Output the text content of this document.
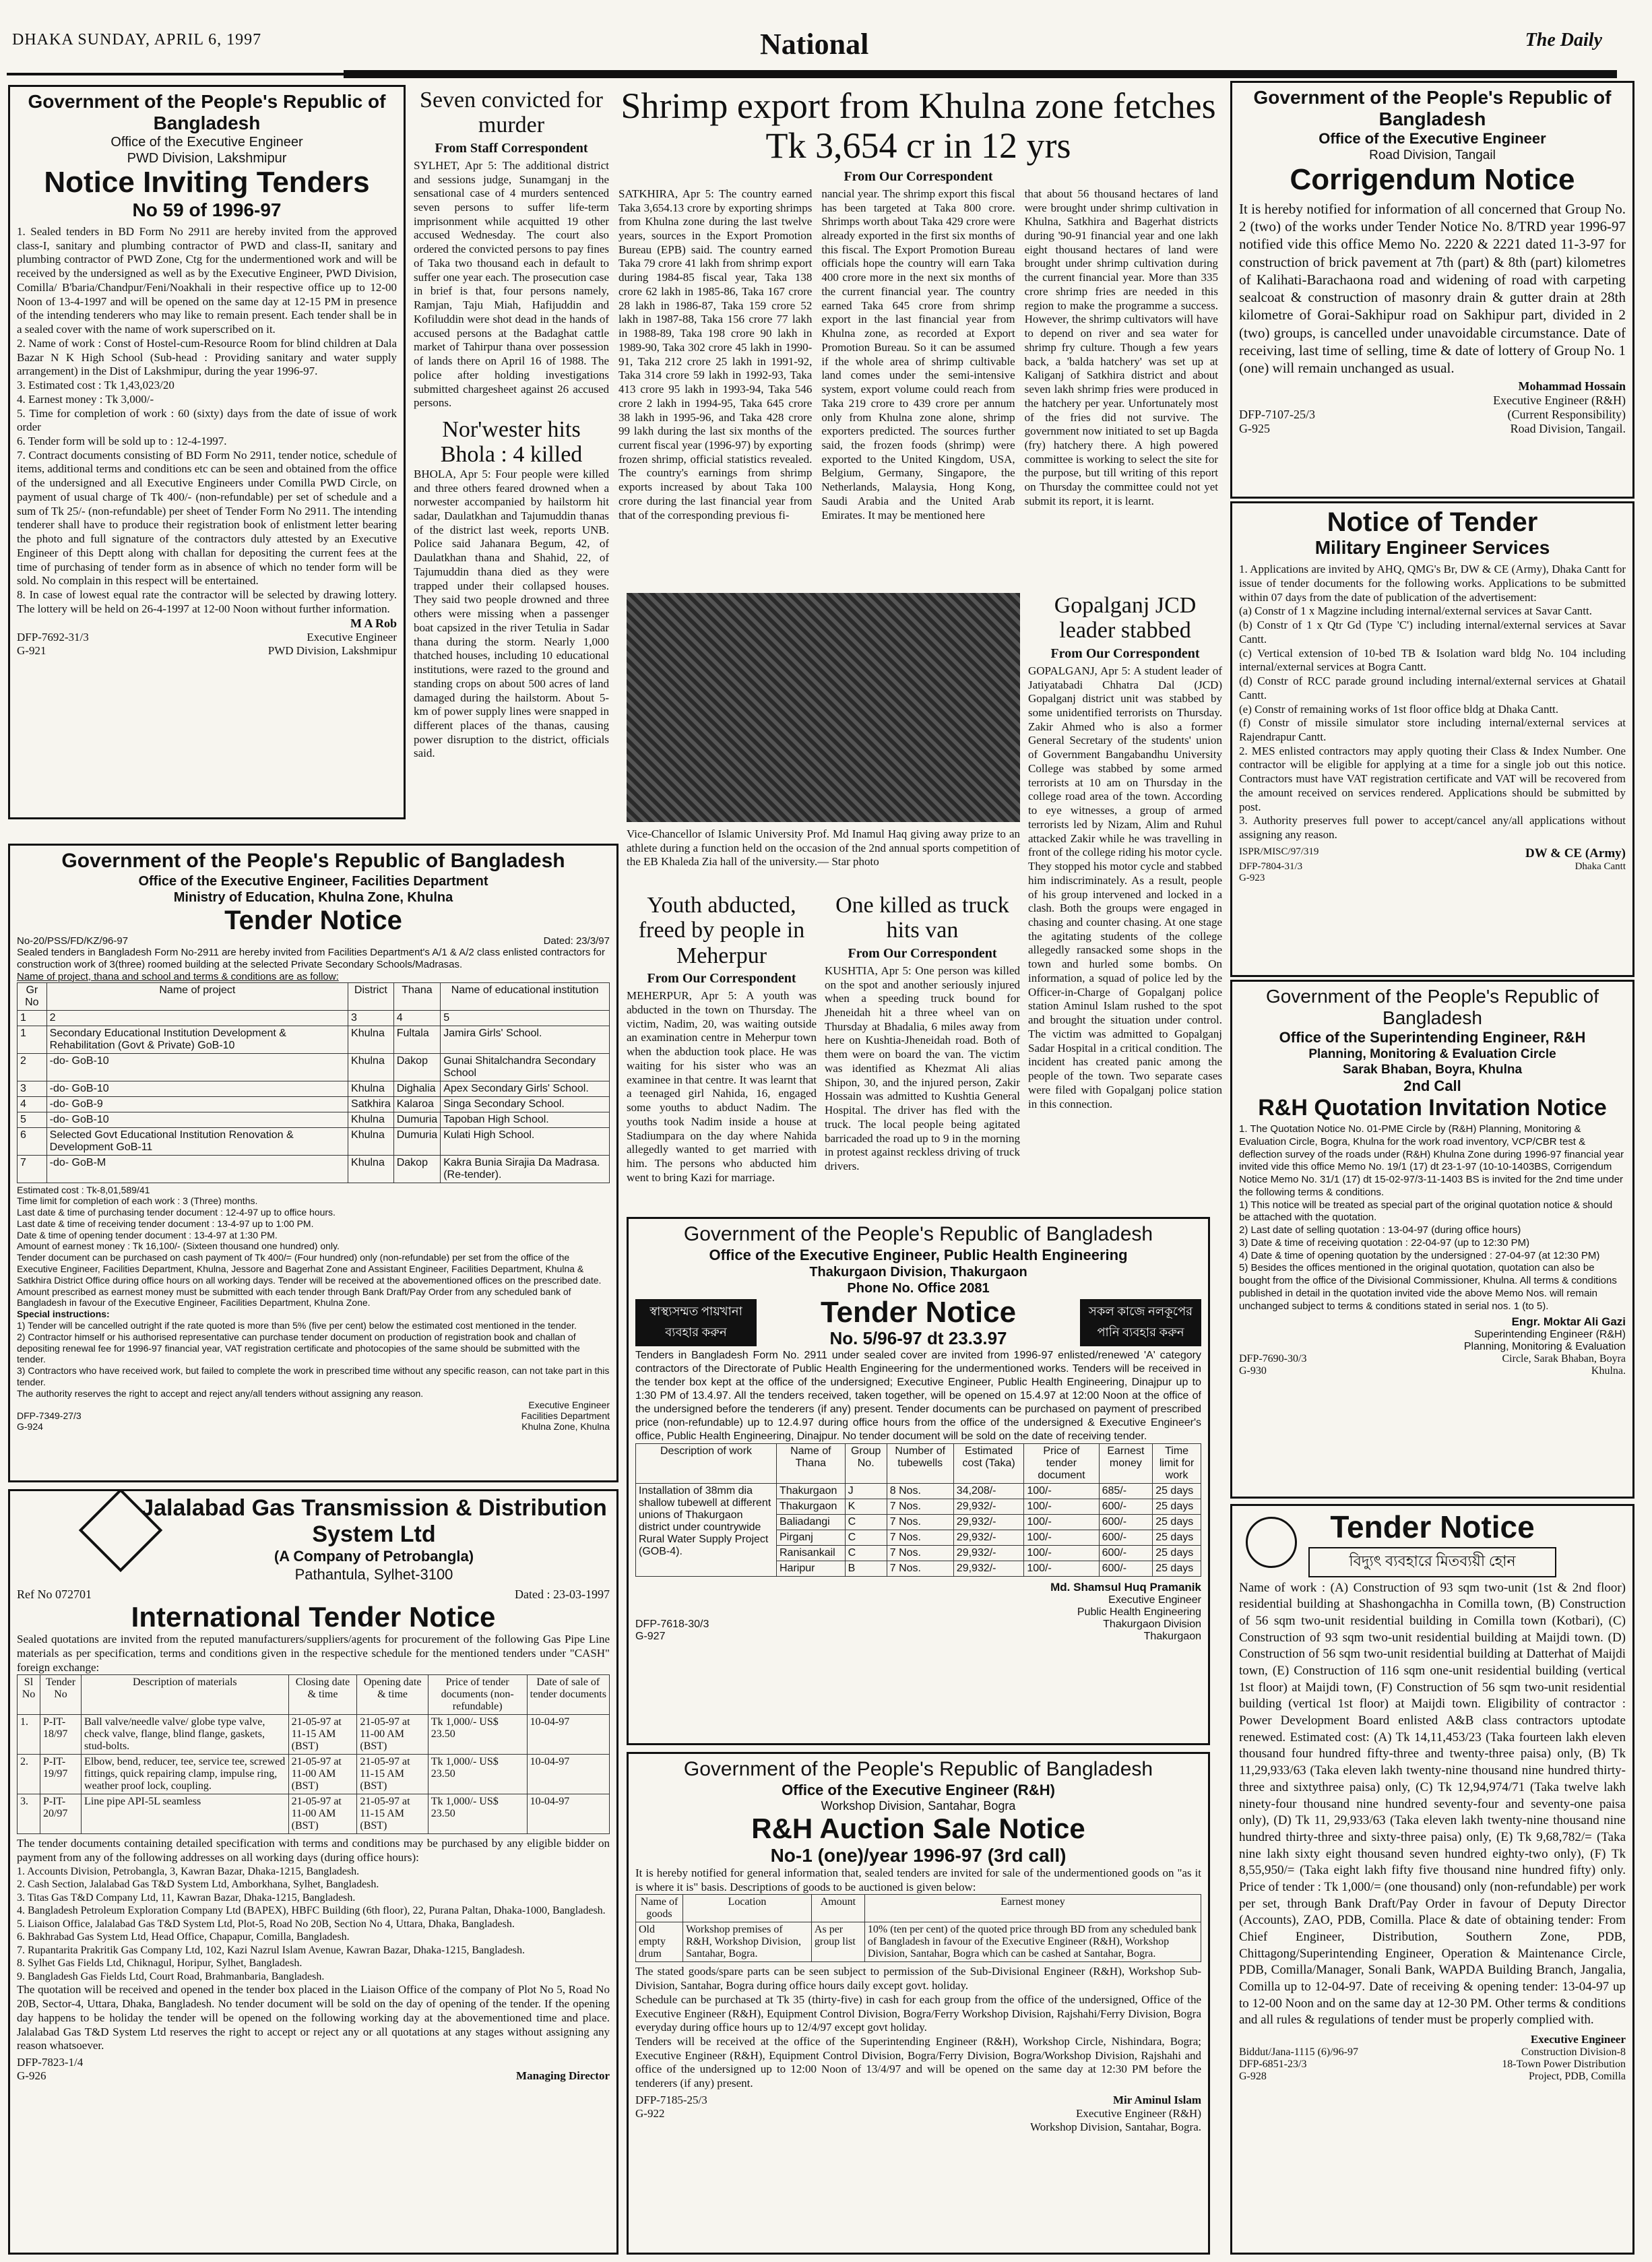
DHAKA SUNDAY, APRIL 6, 1997	National	The Daily
Government of the People's Republic of Bangladesh
Office of the Executive Engineer
PWD Division, Lakshmipur
Notice Inviting Tenders
No 59 of 1996-97
1. Sealed tenders in BD Form No 2911 are hereby invited from the approved class-I, sanitary and plumbing contractor of PWD and class-II, sanitary and plumbing contractor of PWD Zone, Ctg for the undermentioned work and will be received by the undersigned as well as by the Executive Engineer, PWD Division, Comilla/ B'baria/Chandpur/Feni/Noakhali in their respective office up to 12-00 Noon of 13-4-1997 and will be opened on the same day at 12-15 PM in presence of the intending tenderers who may like to remain present. Each tender shall be in a sealed cover with the name of work superscribed on it.
2. Name of work : Const of Hostel-cum-Resource Room for blind children at Dala Bazar N K High School (Sub-head : Providing sanitary and water supply arrangement) in the Dist of Lakshmipur, during the year 1996-97.
3. Estimated cost : Tk 1,43,023/20
4. Earnest money : Tk 3,000/-
5. Time for completion of work : 60 (sixty) days from the date of issue of work order
6. Tender form will be sold up to : 12-4-1997.
7. Contract documents consisting of BD Form No 2911, tender notice, schedule of items, additional terms and conditions etc can be seen and obtained from the office of the undersigned and all Executive Engineers under Comilla PWD Circle, on payment of usual charge of Tk 400/- (non-refundable) per set of schedule and a sum of Tk 25/- (non-refundable) per sheet of Tender Form No 2911. The intending tenderer shall have to produce their registration book of enlistment letter bearing the photo and full signature of the contractors duly attested by an Executive Engineer of this Deptt along with challan for depositing the current fees at the time of purchasing of tender form as in absence of which no tender form will be sold. No complain in this respect will be entertained.
8. In case of lowest equal rate the contractor will be selected by drawing lottery. The lottery will be held on 26-4-1997 at 12-00 Noon without further information.
M A Rob
DFP-7692-31/3	Executive Engineer
G-921	PWD Division, Lakshmipur
Seven convicted for murder
From Staff Correspondent
SYLHET, Apr 5: The additional district and sessions judge, Sunamganj in the sensational case of 4 murders sentenced seven persons to suffer life-term imprisonment while acquitted 19 other accused Wednesday. The court also ordered the convicted persons to pay fines of Taka two thousand each in default to suffer one year each. The prosecution case in brief is that, four persons namely, Ramjan, Taju Miah, Hafijuddin and Kofiluddin were shot dead in the hands of accused persons at the Badaghat cattle market of Tahirpur thana over possession of lands there on April 16 of 1988. The police after holding investigations submitted chargesheet against 26 accused persons.
Nor'wester hits Bhola : 4 killed
BHOLA, Apr 5: Four people were killed and three others feared drowned when a norwester accompanied by hailstorm hit sadar, Daulatkhan and Tajumuddin thanas of the district last week, reports UNB. Police said Jahanara Begum, 42, of Daulatkhan thana and Shahid, 22, of Tajumuddin thana died as they were trapped under their collapsed houses. They said two people drowned and three others were missing when a passenger boat capsized in the river Tetulia in Sadar thana during the storm. Nearly 1,000 thatched houses, including 10 educational institutions, were razed to the ground and standing crops on about 500 acres of land damaged during the hailstorm. About 5-km of power supply lines were snapped in different places of the thanas, causing power disruption to the district, officials said.
Shrimp export from Khulna zone fetches Tk 3,654 cr in 12 yrs
From Our Correspondent
SATKHIRA, Apr 5: The country earned Taka 3,654.13 crore by exporting shrimps from Khulna zone during the last twelve years, sources in the Export Promotion Bureau (EPB) said. The country earned Taka 79 crore 41 lakh from shrimp export during 1984-85 fiscal year, Taka 138 crore 62 lakh in 1985-86, Taka 167 crore 28 lakh in 1986-87, Taka 159 crore 52 lakh in 1987-88, Taka 156 crore 77 lakh in 1988-89, Taka 198 crore 90 lakh in 1989-90, Taka 302 crore 45 lakh in 1990-91, Taka 212 crore 25 lakh in 1991-92, Taka 314 crore 59 lakh in 1992-93, Taka 413 crore 95 lakh in 1993-94, Taka 546 crore 2 lakh in 1994-95, Taka 645 crore 38 lakh in 1995-96, and Taka 428 crore 99 lakh during the last six months of the current fiscal year (1996-97) by exporting frozen shrimp, official statistics revealed. The country's earnings from shrimp exports increased by about Taka 100 crore during the last financial year from that of the corresponding previous fi-
nancial year. The shrimp export this fiscal has been targeted at Taka 800 crore. Shrimps worth about Taka 429 crore were already exported in the first six months of this fiscal. The Export Promotion Bureau officials hope the country will earn Taka 400 crore more in the next six months of the current financial year. The country earned Taka 645 crore from shrimp export in the last financial year from Khulna zone, as recorded at Export Promotion Bureau. So it can be assumed if the whole area of shrimp cultivable land comes under the semi-intensive system, export volume could reach from Taka 219 crore to 439 crore per annum only from Khulna zone alone, shrimp exporters predicted. The sources further said, the frozen foods (shrimp) were exported to the United Kingdom, USA, Belgium, Germany, Singapore, the Netherlands, Malaysia, Hong Kong, Saudi Arabia and the United Arab Emirates. It may be mentioned here
that about 56 thousand hectares of land were brought under shrimp cultivation in Khulna, Satkhira and Bagerhat districts during '90-91 financial year and one lakh eight thousand hectares of land were brought under shrimp cultivation during the current financial year. More than 335 crore shrimp fries are needed in this region to make the programme a success. However, the shrimp cultivators will have to depend on river and sea water for shrimp fry culture. Though a few years back, a 'balda hatchery' was set up at Kaliganj of Satkhira district and about seven lakh shrimp fries were produced in the hatchery per year. Unfortunately most of the fries did not survive. The government now initiated to set up Bagda (fry) hatchery there. A high powered committee is working to select the site for the purpose, but till writing of this report on Thursday the committee could not yet submit its report, it is learnt.
Vice-Chancellor of Islamic University Prof. Md Inamul Haq giving away prize to an athlete during a function held on the occasion of the 2nd annual sports competition of the EB Khaleda Zia hall of the university.— Star photo
Gopalganj JCD leader stabbed
From Our Correspondent
GOPALGANJ, Apr 5: A student leader of Jatiyatabadi Chhatra Dal (JCD) Gopalganj district unit was stabbed by some unidentified terrorists on Thursday. Zakir Ahmed who is also a former General Secretary of the students' union of Government Bangabandhu University College was stabbed by some armed terrorists at 10 am on Thursday in the college road area of the town. According to eye witnesses, a group of armed terrorists led by Nizam, Alim and Ruhul attacked Zakir while he was travelling in front of the college riding his motor cycle. They stopped his motor cycle and stabbed him indiscriminately. As a result, people of his group intervened and locked in a clash. Both the groups were engaged in chasing and counter chasing. At one stage the agitating students of the college allegedly ransacked some shops in the town and hurled some bombs. On information, a squad of police led by the Officer-in-Charge of Gopalganj police station Aminul Islam rushed to the spot and brought the situation under control. The victim was admitted to Gopalganj Sadar Hospital in a critical condition. The incident has created panic among the people of the town. Two separate cases were filed with Gopalganj police station in this connection.
Youth abducted, freed by people in Meherpur
From Our Correspondent
MEHERPUR, Apr 5: A youth was abducted in the town on Thursday. The victim, Nadim, 20, was waiting outside an examination centre in Meherpur town when the abduction took place. He was waiting for his sister who was an examinee in that centre. It was learnt that a teenaged girl Nahida, 16, engaged some youths to abduct Nadim. The youths took Nadim inside a house at Stadiumpara on the day where Nahida allegedly wanted to get married with him. The persons who abducted him went to bring Kazi for marriage.
One killed as truck hits van
From Our Correspondent
KUSHTIA, Apr 5: One person was killed on the spot and another seriously injured when a speeding truck bound for Jheneidah hit a three wheel van on Thursday at Bhadalia, 6 miles away from here on Kushtia-Jheneidah road. Both of them were on board the van. The victim was identified as Khezmat Ali alias Shipon, 30, and the injured person, Zakir Hossain was admitted to Kushtia General Hospital. The driver has fled with the truck. The local people being agitated barricaded the road up to 9 in the morning in protest against reckless driving of truck drivers.
Government of the People's Republic of Bangladesh
Office of the Executive Engineer
Road Division, Tangail
Corrigendum Notice
It is hereby notified for information of all concerned that Group No. 2 (two) of the works under Tender Notice No. 8/TRD year 1996-97 notified vide this office Memo No. 2220 & 2221 dated 11-3-97 for construction of brick pavement at 7th (part) & 8th (part) kilometres of Kalihati-Barachaona road and widening of road with carpeting sealcoat & construction of masonry drain & gutter drain at 28th kilometre of Gorai-Sakhipur road on Sakhipur part, divided in 2 (two) groups, is cancelled under unavoidable circumstance. Date of receiving, last time of selling, time & date of lottery of Group No. 1 (one) will remain unchanged as usual.
Mohammad Hossain
Executive Engineer (R&H)
DFP-7107-25/3	(Current Responsibility)
G-925	Road Division, Tangail.
Notice of Tender
Military Engineer Services
1. Applications are invited by AHQ, QMG's Br, DW & CE (Army), Dhaka Cantt for issue of tender documents for the following works. Applications to be submitted within 07 days from the date of publication of the advertisement:
(a) Constr of 1 x Magzine including internal/external services at Savar Cantt.
(b) Constr of 1 x Qtr Gd (Type 'C') including internal/external services at Savar Cantt.
(c) Vertical extension of 10-bed TB & Isolation ward bldg No. 104 including internal/external services at Bogra Cantt.
(d) Constr of RCC parade ground including internal/external services at Ghatail Cantt.
(e) Constr of remaining works of 1st floor office bldg at Dhaka Cantt.
(f) Constr of missile simulator store including internal/external services at Rajendrapur Cantt.
2. MES enlisted contractors may apply quoting their Class & Index Number. One contractor will be eligible for applying at a time for a single job out this notice. Contractors must have VAT registration certificate and VAT will be recovered from the amount received on services rendered. Applications should be submitted by post.
3. Authority preserves full power to accept/cancel any/all applications without assigning any reason.
ISPR/MISC/97/319	DW & CE (Army)
DFP-7804-31/3	Dhaka Cantt
G-923
Government of the People's Republic of Bangladesh
Office of the Superintending Engineer, R&H
Planning, Monitoring & Evaluation Circle
Sarak Bhaban, Boyra, Khulna
2nd Call
R&H Quotation Invitation Notice
1. The Quotation Notice No. 01-PME Circle by (R&H) Planning, Monitoring & Evaluation Circle, Bogra, Khulna for the work road inventory, VCP/CBR test & deflection survey of the roads under (R&H) Khulna Zone during 1996-97 financial year invited vide this office Memo No. 19/1 (17) dt 23-1-97 (10-10-1403BS, Corrigendum Notice Memo No. 31/1 (17) dt 15-02-97/3-11-1403 BS is invited for the 2nd time under the following terms & conditions.
1) This notice will be treated as special part of the original quotation notice & should be attached with the quotation.
2) Last date of selling quotation : 13-04-97 (during office hours)
3) Date & time of receiving quotation : 22-04-97 (up to 12:30 PM)
4) Date & time of opening quotation by the undersigned : 27-04-97 (at 12:30 PM)
5) Besides the offices mentioned in the original quotation, quotation can also be bought from the office of the Divisional Commissioner, Khulna. All terms & conditions published in detail in the quotation invited vide the above Memo Nos. will remain unchanged subject to terms & conditions stated in serial nos. 1 (to 5).
Engr. Moktar Ali Gazi
Superintending Engineer (R&H)
Planning, Monitoring & Evaluation
DFP-7690-30/3	Circle, Sarak Bhaban, Boyra
G-930	Khulna.
Government of the People's Republic of Bangladesh
Office of the Executive Engineer, Facilities Department
Ministry of Education, Khulna Zone, Khulna
Tender Notice
No-20/PSS/FD/KZ/96-97	Dated: 23/3/97
Sealed tenders in Bangladesh Form No-2911 are hereby invited from Facilities Department's A/1 & A/2 class enlisted contractors for construction work of 3(three) roomed building at the selected Private Secondary Schools/Madrasas.
Name of project, thana and school and terms & conditions are as follow:
Gr No	Name of project	District	Thana	Name of educational institution
1	2	3	4	5
1	Secondary Educational Institution Development & Rehabilitation (Govt & Private) GoB-10	Khulna	Fultala	Jamira Girls' School.
2	-do- GoB-10	Khulna	Dakop	Gunai Shitalchandra Secondary School
3	-do- GoB-10	Khulna	Dighalia	Apex Secondary Girls' School.
4	-do- GoB-9	Satkhira	Kalaroa	Singa Secondary School.
5	-do- GoB-10	Khulna	Dumuria	Tapoban High School.
6	Selected Govt Educational Institution Renovation & Development GoB-11	Khulna	Dumuria	Kulati High School.
7	-do- GoB-M	Khulna	Dakop	Kakra Bunia Sirajia Da Madrasa. (Re-tender).
Estimated cost : Tk-8,01,589/41
Time limit for completion of each work : 3 (Three) months.
Last date & time of purchasing tender document : 12-4-97 up to office hours.
Last date & time of receiving tender document : 13-4-97 up to 1:00 PM.
Date & time of opening tender document : 13-4-97 at 1:30 PM.
Amount of earnest money : Tk 16,100/- (Sixteen thousand one hundred) only.
Tender document can be purchased on cash payment of Tk 400/= (Four hundred) only (non-refundable) per set from the office of the Executive Engineer, Facilities Department, Khulna, Jessore and Bagerhat Zone and Assistant Engineer, Facilities Department, Khulna & Satkhira District Office during office hours on all working days. Tender will be received at the abovementioned offices on the prescribed date. Amount prescribed as earnest money must be submitted with each tender through Bank Draft/Pay Order from any scheduled bank of Bangladesh in favour of the Executive Engineer, Facilities Department, Khulna Zone.
Special instructions:
1) Tender will be cancelled outright if the rate quoted is more than 5% (five per cent) below the estimated cost mentioned in the tender.
2) Contractor himself or his authorised representative can purchase tender document on production of registration book and challan of depositing renewal fee for 1996-97 financial year, VAT registration certificate and photocopies of the same should be submitted with the tender.
3) Contractors who have received work, but failed to complete the work in prescribed time without any specific reason, can not take part in this tender.
The authority reserves the right to accept and reject any/all tenders without assigning any reason.
Executive Engineer
DFP-7349-27/3	Facilities Department
G-924	Khulna Zone, Khulna
Jalalabad Gas Transmission & Distribution System Ltd
(A Company of Petrobangla)
Pathantula, Sylhet-3100
Ref No 072701	Dated : 23-03-1997
International Tender Notice
Sealed quotations are invited from the reputed manufacturers/suppliers/agents for procurement of the following Gas Pipe Line materials as per specification, terms and conditions given in the respective schedule for the mentioned tenders under "CASH" foreign exchange:
Sl No	Tender No	Description of materials	Closing date & time	Opening date & time	Price of tender documents (non-refundable)	Date of sale of tender documents
1.	P-IT-18/97	Ball valve/needle valve/ globe type valve, check valve, flange, blind flange, gaskets, stud-bolts.	21-05-97 at 11-15 AM (BST)	21-05-97 at 11-00 AM (BST)	Tk 1,000/- US$ 23.50	10-04-97
2.	P-IT-19/97	Elbow, bend, reducer, tee, service tee, screwed fittings, quick repairing clamp, impulse ring, weather proof lock, coupling.	21-05-97 at 11-00 AM (BST)	21-05-97 at 11-15 AM (BST)	Tk 1,000/- US$ 23.50	10-04-97
3.	P-IT-20/97	Line pipe API-5L seamless	21-05-97 at 11-00 AM (BST)	21-05-97 at 11-15 AM (BST)	Tk 1,000/- US$ 23.50	10-04-97
The tender documents containing detailed specification with terms and conditions may be purchased by any eligible bidder on payment from any of the following addresses on all working days (during office hours):
1. Accounts Division, Petrobangla, 3, Kawran Bazar, Dhaka-1215, Bangladesh.
2. Cash Section, Jalalabad Gas T&D System Ltd, Amborkhana, Sylhet, Bangladesh.
3. Titas Gas T&D Company Ltd, 11, Kawran Bazar, Dhaka-1215, Bangladesh.
4. Bangladesh Petroleum Exploration Company Ltd (BAPEX), HBFC Building (6th floor), 22, Purana Paltan, Dhaka-1000, Bangladesh.
5. Liaison Office, Jalalabad Gas T&D System Ltd, Plot-5, Road No 20B, Section No 4, Uttara, Dhaka, Bangladesh.
6. Bakhrabad Gas System Ltd, Head Office, Chapapur, Comilla, Bangladesh.
7. Rupantarita Prakritik Gas Company Ltd, 102, Kazi Nazrul Islam Avenue, Kawran Bazar, Dhaka-1215, Bangladesh.
8. Sylhet Gas Fields Ltd, Chiknagul, Horipur, Sylhet, Bangladesh.
9. Bangladesh Gas Fields Ltd, Court Road, Brahmanbaria, Bangladesh.
The quotation will be received and opened in the tender box placed in the Liaison Office of the company of Plot No 5, Road No 20B, Sector-4, Uttara, Dhaka, Bangladesh. No tender document will be sold on the day of opening of the tender. If the opening day happens to be holiday the tender will be opened on the following working day at the abovementioned time and place. Jalalabad Gas T&D System Ltd reserves the right to accept or reject any or all quotations at any stages without assigning any reason whatsoever.
DFP-7823-1/4
G-926	Managing Director
Government of the People's Republic of Bangladesh
Office of the Executive Engineer, Public Health Engineering
Thakurgaon Division, Thakurgaon
Phone No. Office 2081
স্বাস্থ্যসম্মত পায়খানা ব্যবহার করুন
Tender Notice
No. 5/96-97 dt 23.3.97
সকল কাজে নলকূপের পানি ব্যবহার করুন
Tenders in Bangladesh Form No. 2911 under sealed cover are invited from 1996-97 enlisted/renewed 'A' category contractors of the Directorate of Public Health Engineering for the undermentioned works. Tenders will be received in the tender box kept at the office of the undersigned; Executive Engineer, Public Health Engineering, Dinajpur up to 1:30 PM of 13.4.97. All the tenders received, taken together, will be opened on 15.4.97 at 12:00 Noon at the office of the undersigned before the tenderers (if any) present. Tender documents can be purchased on payment of prescribed price (non-refundable) up to 12.4.97 during office hours from the office of the undersigned & Executive Engineer's office, Public Health Engineering, Dinajpur. No tender document will be sold on the date of receiving tender.
Description of work	Name of Thana	Group No.	Number of tubewells	Estimated cost (Taka)	Price of tender document	Earnest money	Time limit for work
Installation of 38mm dia shallow tubewell at different unions of Thakurgaon district under countrywide Rural Water Supply Project (GOB-4).	Thakurgaon	J	8 Nos.	34,208/-	100/-	685/-	25 days
	Thakurgaon	K	7 Nos.	29,932/-	100/-	600/-	25 days
	Baliadangi	C	7 Nos.	29,932/-	100/-	600/-	25 days
	Pirganj	C	7 Nos.	29,932/-	100/-	600/-	25 days
	Ranisankail	C	7 Nos.	29,932/-	100/-	600/-	25 days
	Haripur	B	7 Nos.	29,932/-	100/-	600/-	25 days
Md. Shamsul Huq Pramanik
Executive Engineer
Public Health Engineering
DFP-7618-30/3	Thakurgaon Division
G-927	Thakurgaon
Government of the People's Republic of Bangladesh
Office of the Executive Engineer (R&H)
Workshop Division, Santahar, Bogra
R&H Auction Sale Notice
No-1 (one)/year 1996-97 (3rd call)
It is hereby notified for general information that, sealed tenders are invited for sale of the undermentioned goods on "as it is where it is" basis. Descriptions of goods to be auctioned is given below:
Name of goods	Location	Amount	Earnest money
Old empty drum	Workshop premises of R&H, Workshop Division, Santahar, Bogra.	As per group list	10% (ten per cent) of the quoted price through BD from any scheduled bank of Bangladesh in favour of the Executive Engineer (R&H), Workshop Division, Santahar, Bogra which can be cashed at Santahar, Bogra.
The stated goods/spare parts can be seen subject to permission of the Sub-Divisional Engineer (R&H), Workshop Sub-Division, Santahar, Bogra during office hours daily except govt. holiday.
Schedule can be purchased at Tk 35 (thirty-five) in cash for each group from the office of the undersigned, Office of the Executive Engineer (R&H), Equipment Control Division, Bogra/Ferry Workshop Division, Rajshahi/Ferry Division, Bogra everyday during office hours up to 12/4/97 except govt holiday.
Tenders will be received at the office of the Superintending Engineer (R&H), Workshop Circle, Nishindara, Bogra; Executive Engineer (R&H), Equipment Control Division, Bogra/Ferry Division, Bogra/Workshop Division, Rajshahi and office of the undersigned up to 12:00 Noon of 13/4/97 and will be opened on the same day at 12:30 PM before the tenderers (if any) present.
DFP-7185-25/3	Mir Aminul Islam
G-922	Executive Engineer (R&H)
Workshop Division, Santahar, Bogra.
Tender Notice
বিদ্যুৎ ব্যবহারে মিতব্যয়ী হোন
Name of work : (A) Construction of 93 sqm two-unit (1st & 2nd floor) residential building at Shashongachha in Comilla town, (B) Construction of 56 sqm two-unit residential building in Comilla town (Kotbari), (C) Construction of 93 sqm two-unit residential building at Maijdi town. (D) Construction of 56 sqm two-unit residential building at Datterhat of Maijdi town, (E) Construction of 116 sqm one-unit residential building (vertical 1st floor) at Maijdi town, (F) Construction of 56 sqm two-unit residential building (vertical 1st floor) at Maijdi town. Eligibility of contractor : Power Development Board enlisted A&B class contractors uptodate renewed. Estimated cost: (A) Tk 14,11,453/23 (Taka fourteen lakh eleven thousand four hundred fifty-three and twenty-three paisa) only, (B) Tk 11,29,933/63 (Taka eleven lakh twenty-nine thousand nine hundred thirty-three and sixtythree paisa) only, (C) Tk 12,94,974/71 (Taka twelve lakh ninety-four thousand nine hundred seventy-four and seventy-one paisa only), (D) Tk 11, 29,933/63 (Taka eleven lakh twenty-nine thousand nine hundred thirty-three and sixty-three paisa) only, (E) Tk 9,68,782/= (Taka nine lakh sixty eight thousand seven hundred eighty-two only), (F) Tk 8,55,950/= (Taka eight lakh fifty five thousand nine hundred fifty) only. Price of tender : Tk 1,000/= (one thousand) only (non-refundable) per work per set, through Bank Draft/Pay Order in favour of Deputy Director (Accounts), ZAO, PDB, Comilla. Place & date of obtaining tender: From Chief Engineer, Distribution, Southern Zone, PDB, Chittagong/Superintending Engineer, Operation & Maintenance Circle, PDB, Comilla/Manager, Sonali Bank, WAPDA Building Branch, Jangalia, Comilla up to 12-04-97. Date of receiving & opening tender: 13-04-97 up to 12-00 Noon and on the same day at 12-30 PM. Other terms & conditions and all rules & regulations of tender must be properly complied with.
Executive Engineer
Biddut/Jana-1115 (6)/96-97	Construction Division-8
DFP-6851-23/3	18-Town Power Distribution
G-928	Project, PDB, Comilla
